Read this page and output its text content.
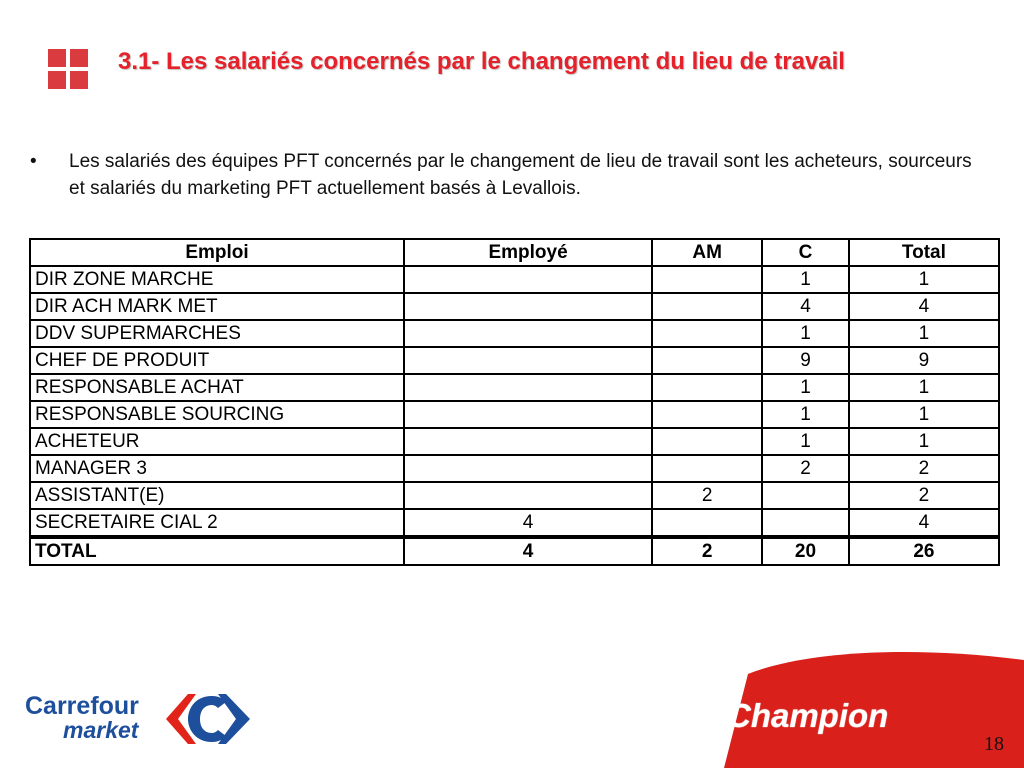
3.1- Les salariés concernés par le changement du lieu de travail
• Les salariés des équipes PFT concernés par le changement de lieu de travail sont les acheteurs, sourceurs et salariés du marketing PFT actuellement basés à Levallois.
Emploi	Employé	AM	C	Total
DIR ZONE MARCHE			1	1
DIR ACH MARK MET			4	4
DDV SUPERMARCHES			1	1
CHEF DE PRODUIT			9	9
RESPONSABLE ACHAT			1	1
RESPONSABLE SOURCING			1	1
ACHETEUR			1	1
MANAGER 3			2	2
ASSISTANT(E)		2		2
SECRETAIRE CIAL 2	4			4
TOTAL	4	2	20	26
Carrefour
market	Champion
18
